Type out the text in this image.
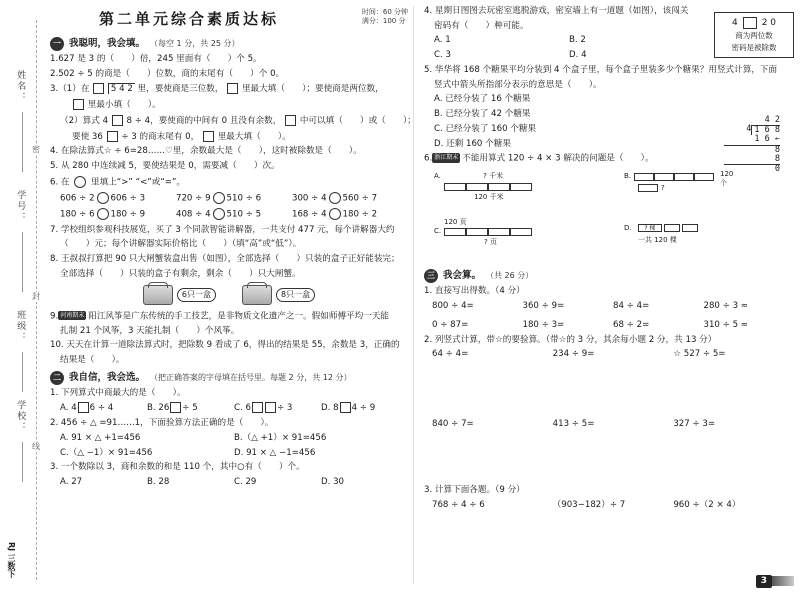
姓名：
学号：
班级：
学校：
密
封
线
RJ 三数下
第二单元综合素质达标	时间：60 分钟
满分：100 分
一 我聪明，我会填。 （每空 1 分，共 25 分）
1.627 是 3 的（　　）倍，245 里面有（　　）个 5。
2.502 ÷ 5 的商是（　　）位数，商的末尾有（　　）个 0。
3.（1）在 5 4 2 里，要使商是三位数， 里最大填（　　）；要使商是两位数，
里最小填（　　）。
（2）算式 4 8 ÷ 4，要使商的中间有 0 且没有余数， 中可以填（　　）或（　　）；
要使 36 ÷ 3 的商末尾有 0， 里最大填（　　）。
4. 在除法算式☆ ÷ 6=28……♡里，余数最大是（　　），这时被除数是（　　）。
5. 从 280 中连续减 5，要使结果是 0，需要减（　　）次。
6. 在 里填上“>” “<”或“=”。
606 ÷ 2 606 ÷ 3	720 ÷ 9 510 ÷ 6	300 ÷ 4 560 ÷ 7
180 ÷ 6 180 ÷ 9	408 ÷ 4 510 ÷ 5	168 ÷ 4 180 ÷ 2
7. 学校组织参观科技展览，买了 3 个同款智能讲解器，一共支付 477 元，每个讲解器大约
（　　）元；每个讲解器实际价格比（　　）（填“高”或“低”）。
8. 王叔叔打算把 90 只大闸蟹装盒出售（如图），全部选择（　　）只装的盒子正好能装完；
全部选择（　　）只装的盒子有剩余，剩余（　　）只大闸蟹。
6只一盒	8只一盒
9. 河南期末 阳江风筝是广东传统的手工技艺，是非物质文化遗产之一。假如师傅平均一天能
扎制 21 个风筝，3 天能扎制（　　）个风筝。
10. 天天在计算一道除法算式时，把除数 9 看成了 6，得出的结果是 55，余数是 3，正确的
结果是（　　）。
二 我自信，我会选。 （把正确答案的字母填在括号里。每题 2 分，共 12 分）
1. 下列算式中商最大的是（　　）。
A. 4 6 ÷ 4	B. 26 ÷ 5	C. 6	÷ 3	D. 8 4 ÷ 9
2. 456 ÷ △ =91……1，下面验算方法正确的是（　　）。
A. 91 × △ +1=456	B.（△ +1）× 91=456
C.（△ −1）× 91=456	D. 91 × △ −1=456
3. 一个数除以 3，商和余数的和是 110 个，其中○有（　　）个。
A. 27	B. 28	C. 29	D. 30
4	2 0
商为两位数
密码是被除数
4. 星期日图图去玩密室逃脱游戏，密室墙上有一道题（如图），该闯关
密码有（　　）种可能。
A. 1	B. 2
C. 3	D. 4
5. 华华将 168 个糖果平均分装到 4 个盒子里，每个盒子里装多少个糖果？用竖式计算，下面
竖式中箭头所指部分表示的意思是（　　）。
A. 已经分装了 16 个糖果
B. 已经分装了 42 个糖果
C. 已经分装了 160 个糖果
D. 还剩 160 个糖果
4 2
4 1 6 8
1 6 ←
8
8
0
6. 浙江期末 不能用算式 120 ÷ 4 × 3 解决的问题是（　　）。
A.	? 千米
120 千米
B.	120 个
?
120 页
C.
? 页
D.	? 棵
一共 120 棵
三 我会算。 （共 26 分）
1. 直接写出得数。（4 分）
800 ÷ 4=	360 ÷ 9=	84 ÷ 4=	280 ÷ 3 ≈
0 ÷ 87=	180 ÷ 3=	68 ÷ 2=	310 ÷ 5 ≈
2. 列竖式计算，带☆的要验算。（带☆的 3 分，其余每小题 2 分，共 13 分）
64 ÷ 4=	234 ÷ 9=	☆ 527 ÷ 5=
840 ÷ 7=	413 ÷ 5=	327 ÷ 3=
3. 计算下面各题。（9 分）
768 ÷ 4 ÷ 6	（903−182）÷ 7	960 ÷（2 × 4）
3
